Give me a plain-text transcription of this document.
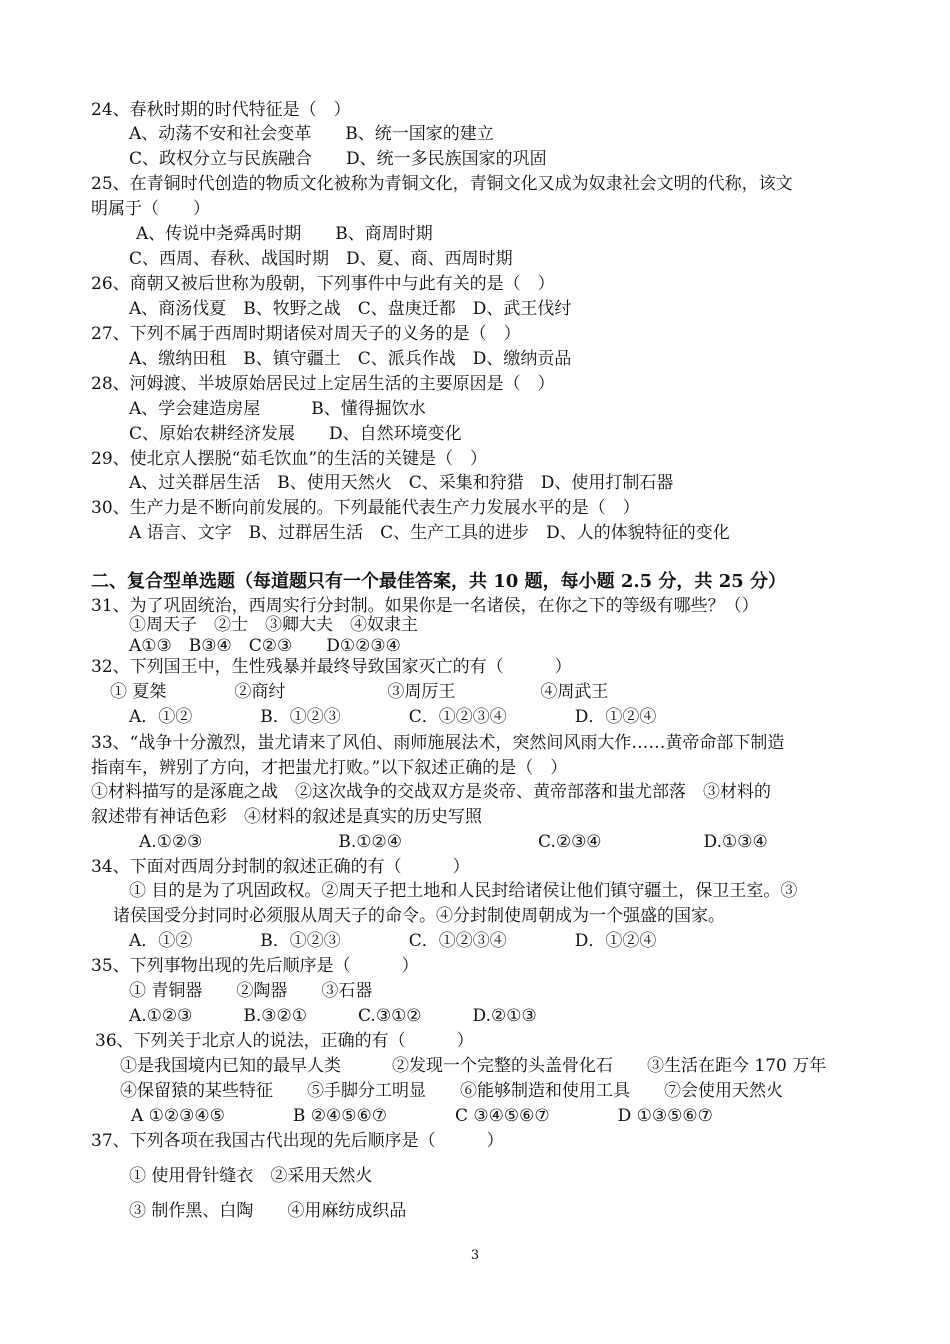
24、春秋时期的时代特征是（　）
A、动荡不安和社会变革　　B、统一国家的建立
C、政权分立与民族融合　　D、统一多民族国家的巩固
25、在青铜时代创造的物质文化被称为青铜文化，青铜文化又成为奴隶社会文明的代称，该文
明属于（　　）
A、传说中尧舜禹时期　　B、商周时期
C、西周、春秋、战国时期　D、夏、商、西周时期
26、商朝又被后世称为殷朝，下列事件中与此有关的是（　）
A、商汤伐夏　B、牧野之战　C、盘庚迁都　D、武王伐纣
27、下列不属于西周时期诸侯对周天子的义务的是（　）
A、缴纳田租　B、镇守疆土　C、派兵作战　D、缴纳贡品
28、河姆渡、半坡原始居民过上定居生活的主要原因是（　）
A、学会建造房屋　　　B、懂得掘饮水
C、原始农耕经济发展　　D、自然环境变化
29、使北京人摆脱“茹毛饮血”的生活的关键是（　）
A、过关群居生活　B、使用天然火　C、采集和狩猎　D、使用打制石器
30、生产力是不断向前发展的。下列最能代表生产力发展水平的是（　）
A 语言、文字　B、过群居生活　C、生产工具的进步　D、人的体貌特征的变化
二、复合型单选题（每道题只有一个最佳答案，共 10 题，每小题 2.5 分，共 25 分）
31、为了巩固统治，西周实行分封制。如果你是一名诸侯，在你之下的等级有哪些？（）
①周天子　②士　③卿大夫　④奴隶主
A①③　B③④　C②③　　D①②③④
32、下列国王中，生性残暴并最终导致国家灭亡的有（　　　）
① 夏桀　　　　②商纣　　　　　　③周厉王　　　　　④周武王
A．①②　　　　B．①②③　　　　C．①②③④　　　　D．①②④
33、“战争十分激烈，蚩尤请来了风伯、雨师施展法术，突然间风雨大作……黄帝命部下制造
指南车，辨别了方向，才把蚩尤打败。”以下叙述正确的是（　）
①材料描写的是涿鹿之战　②这次战争的交战双方是炎帝、黄帝部落和蚩尤部落　③材料的
叙述带有神话色彩　④材料的叙述是真实的历史写照
A.①②③　　　　　　　　B.①②④　　　　　　　　C.②③④　　　　　　D.①③④
34、下面对西周分封制的叙述正确的有（　　　）
① 目的是为了巩固政权。②周天子把土地和人民封给诸侯让他们镇守疆土，保卫王室。③
诸侯国受分封同时必须服从周天子的命令。④分封制使周朝成为一个强盛的国家。
A．①②　　　　B．①②③　　　　C．①②③④　　　　D．①②④
35、下列事物出现的先后顺序是（　　　）
① 青铜器　　②陶器　　③石器
A.①②③　　　B.③②①　　　C.③①②　　　D.②①③
36、下列关于北京人的说法，正确的有（　　　）
①是我国境内已知的最早人类　　　②发现一个完整的头盖骨化石　　③生活在距今 170 万年
④保留猿的某些特征　　⑤手脚分工明显　　⑥能够制造和使用工具　　⑦会使用天然火
A ①②③④⑤　　　　B ②④⑤⑥⑦　　　　C ③④⑤⑥⑦　　　　D ①③⑤⑥⑦
37、下列各项在我国古代出现的先后顺序是（　　　）
① 使用骨针缝衣　②采用天然火
③ 制作黑、白陶　　④用麻纺成织品
3
